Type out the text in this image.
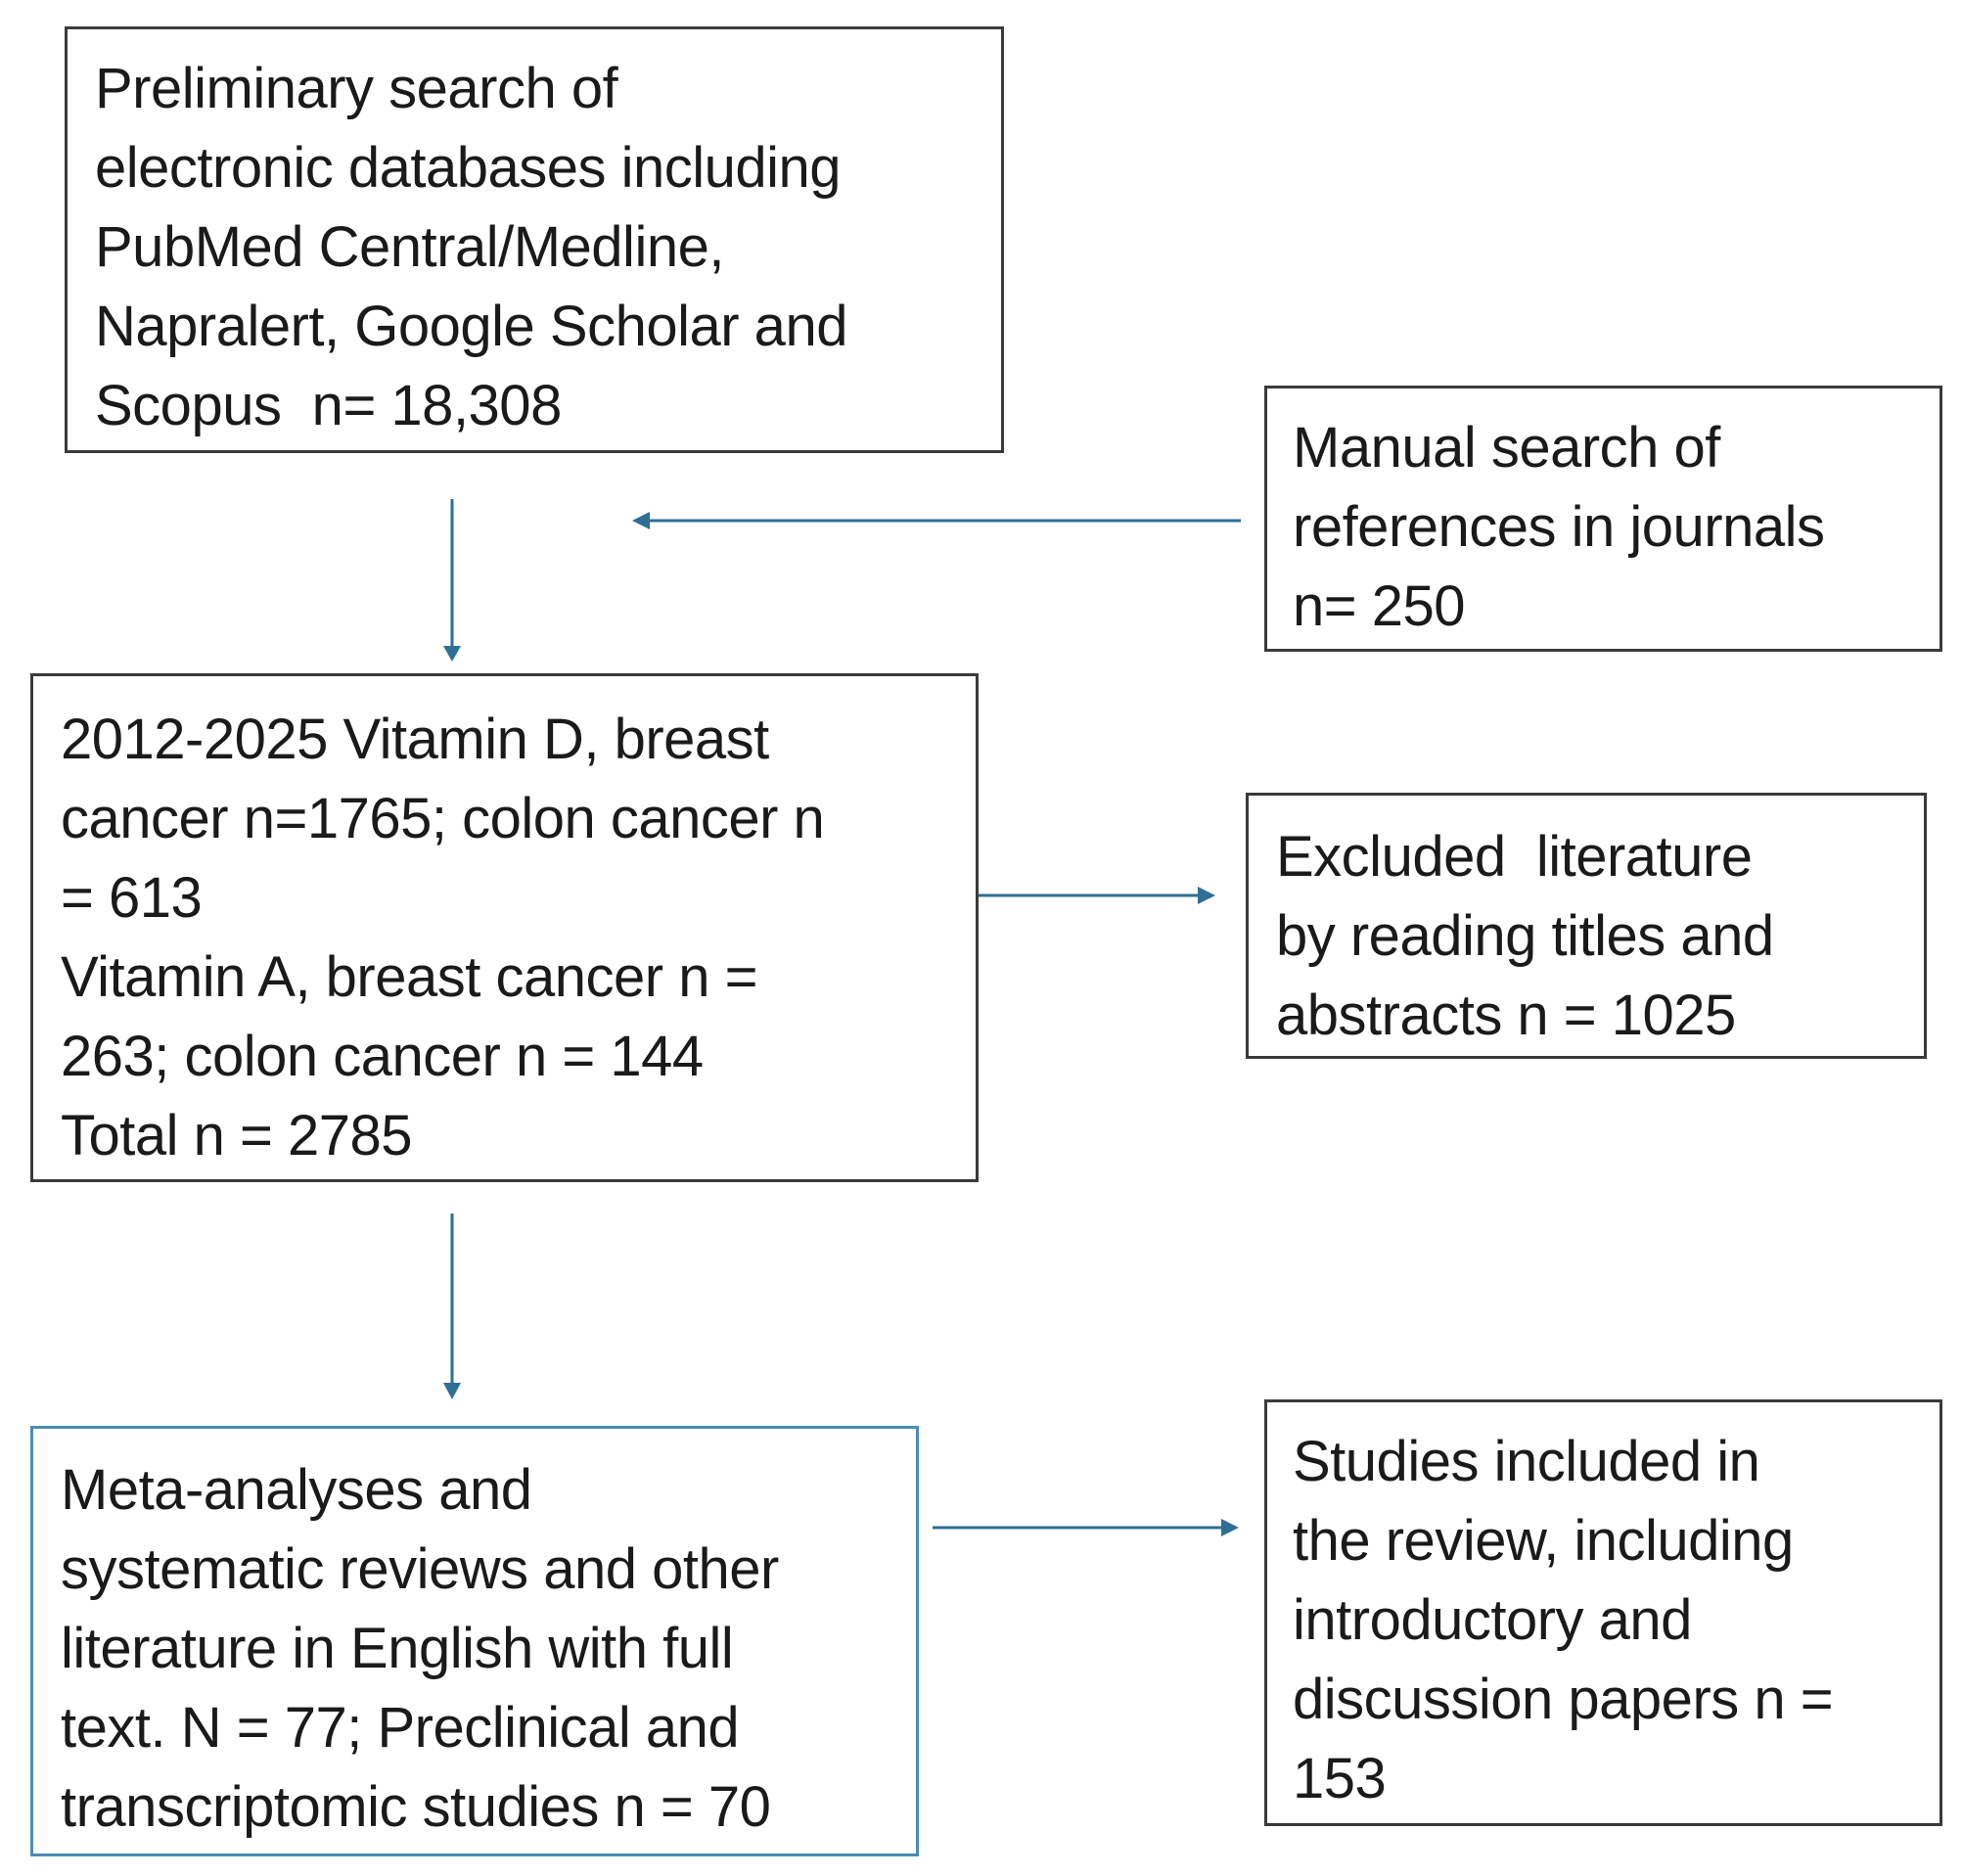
Preliminary search of
electronic databases including
PubMed Central/Medline,
Napralert, Google Scholar and
Scopus  n= 18,308
Manual search of
references in journals
n= 250
2012-2025 Vitamin D, breast
cancer n=1765; colon cancer n
= 613
Vitamin A, breast cancer n =
263; colon cancer n = 144
Total n = 2785
Excluded  literature
by reading titles and
abstracts n = 1025
Meta-analyses and
systematic reviews and other
literature in English with full
text. N = 77; Preclinical and
transcriptomic studies n = 70
Studies included in
the review, including
introductory and
discussion papers n =
153
